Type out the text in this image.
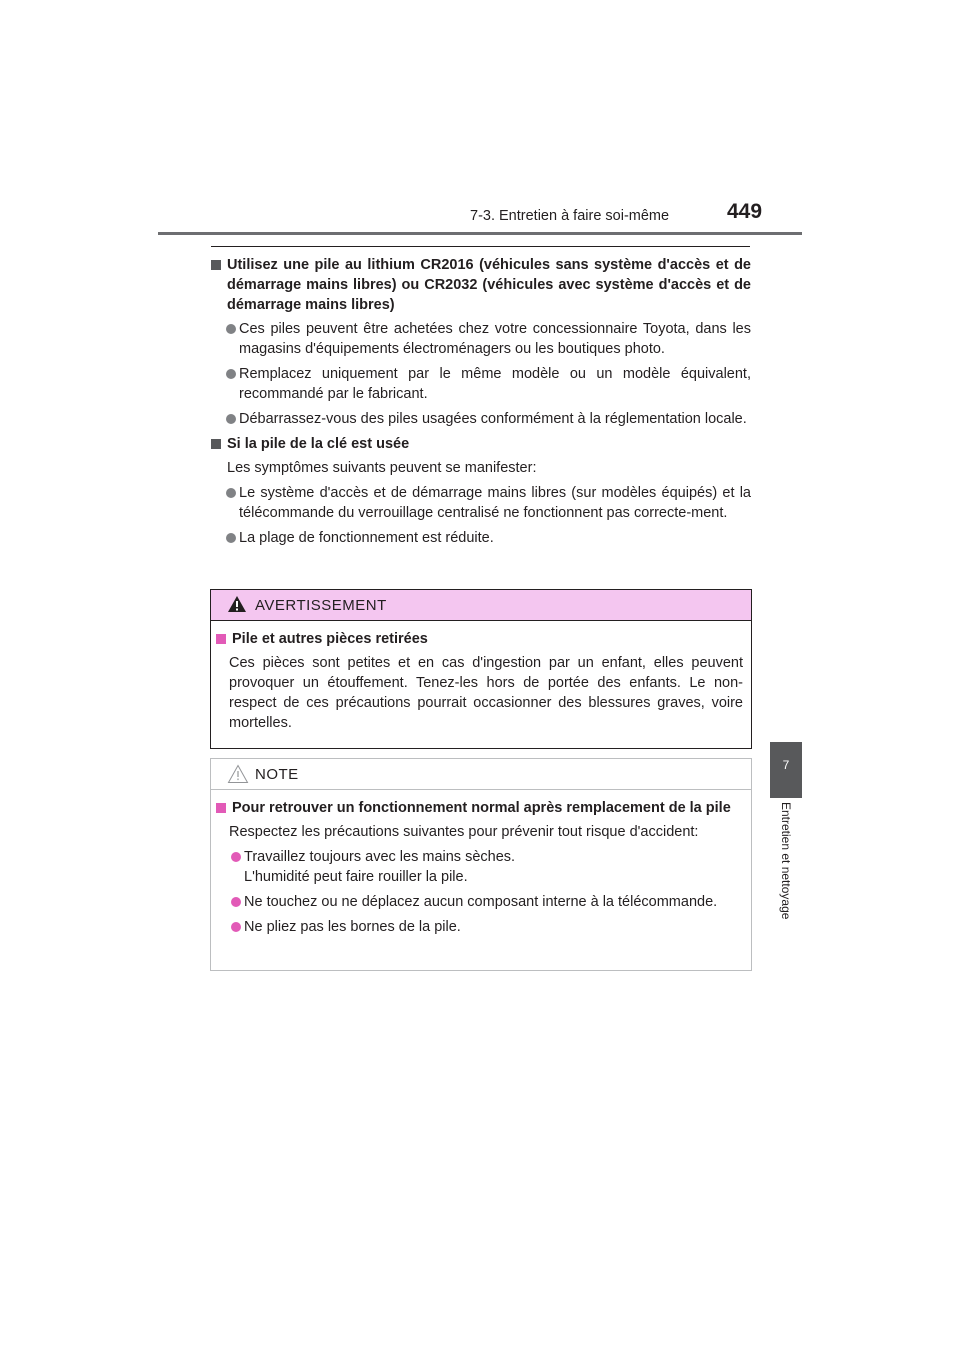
7-3. Entretien à faire soi-même	449
7
Entretien et nettoyage
Utilisez une pile au lithium CR2016 (véhicules sans système d'accès et de démarrage mains libres) ou CR2032 (véhicules avec système d'accès et de démarrage mains libres)
Ces piles peuvent être achetées chez votre concessionnaire Toyota, dans les magasins d'équipements électroménagers ou les boutiques photo.
Remplacez uniquement par le même modèle ou un modèle équivalent, recommandé par le fabricant.
Débarrassez-vous des piles usagées conformément à la réglementation locale.
Si la pile de la clé est usée
Les symptômes suivants peuvent se manifester:
Le système d'accès et de démarrage mains libres (sur modèles équipés) et la télécommande du verrouillage centralisé ne fonctionnent pas correcte-ment.
La plage de fonctionnement est réduite.
AVERTISSEMENT
Pile et autres pièces retirées
Ces pièces sont petites et en cas d'ingestion par un enfant, elles peuvent provoquer un étouffement. Tenez-les hors de portée des enfants. Le non-respect de ces précautions pourrait occasionner des blessures graves, voire mortelles.
NOTE
Pour retrouver un fonctionnement normal après remplacement de la pile
Respectez les précautions suivantes pour prévenir tout risque d'accident:
Travaillez toujours avec les mains sèches.
L'humidité peut faire rouiller la pile.
Ne touchez ou ne déplacez aucun composant interne à la télécommande.
Ne pliez pas les bornes de la pile.
